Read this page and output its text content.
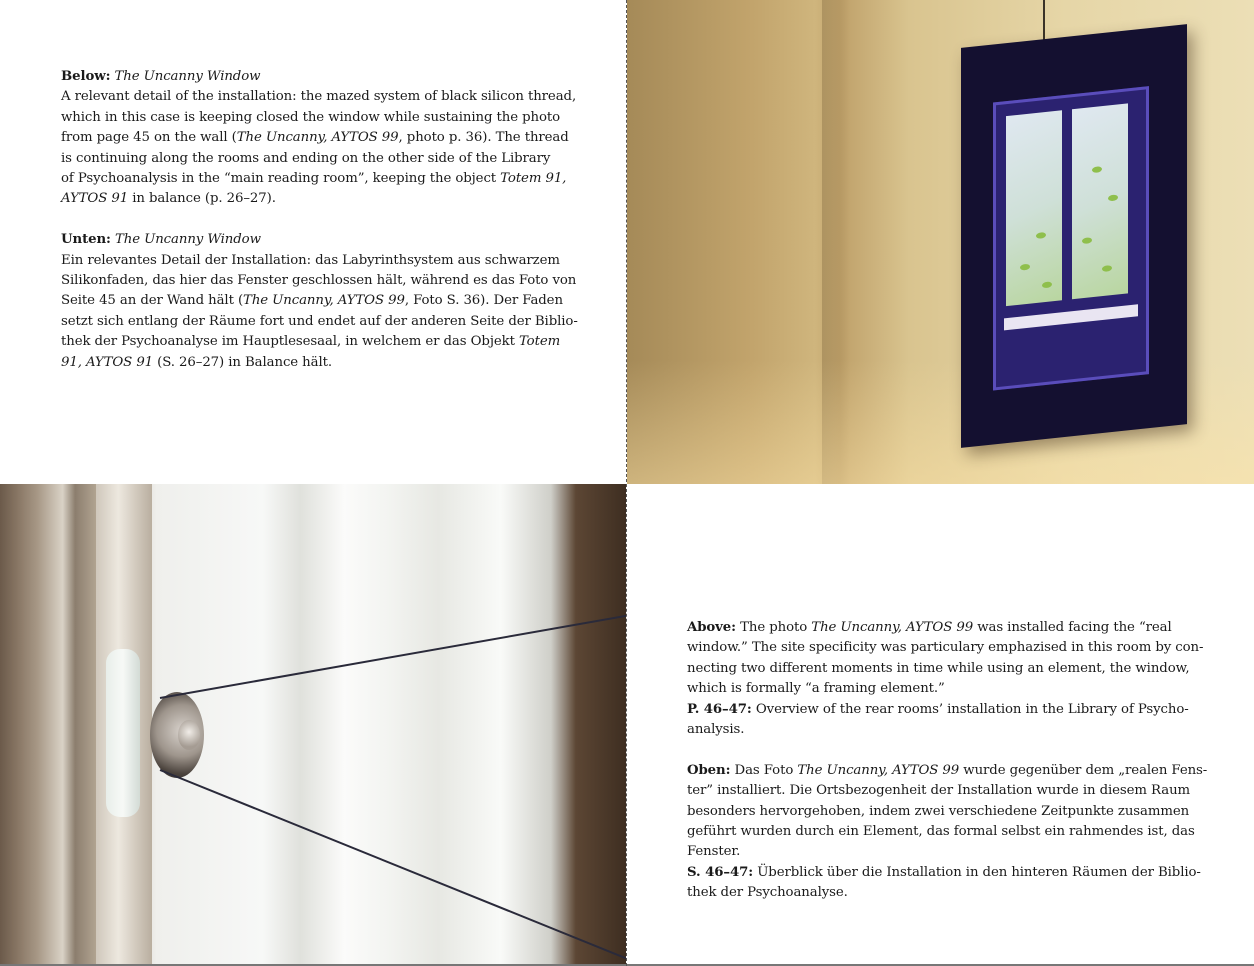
Below: The Uncanny Window
A relevant detail of the installation: the mazed system of black silicon thread,
which in this case is keeping closed the window while sustaining the photo
from page 45 on the wall (The Uncanny, AYTOS 99, photo p. 36). The thread
is continuing along the rooms and ending on the other side of the Library
of Psychoanalysis in the “main reading room”, keeping the object Totem 91,
AYTOS 91 in balance (p. 26–27).
Unten: The Uncanny Window
Ein relevantes Detail der Installation: das Labyrinthsystem aus schwarzem
Silikonfaden, das hier das Fenster geschlossen hält, während es das Foto von
Seite 45 an der Wand hält (The Uncanny, AYTOS 99, Foto S. 36). Der Faden
setzt sich entlang der Räume fort und endet auf der anderen Seite der Biblio-
thek der Psychoanalyse im Hauptlesesaal, in welchem er das Objekt Totem
91, AYTOS 91 (S. 26–27) in Balance hält.
Above: The photo The Uncanny, AYTOS 99 was installed facing the “real
window.” The site specificity was particulary emphazised in this room by con-
necting two different moments in time while using an element, the window,
which is formally “a framing element.”
P. 46–47: Overview of the rear rooms’ installation in the Library of Psycho-
analysis.
Oben: Das Foto The Uncanny, AYTOS 99 wurde gegenüber dem „realen Fens-
ter” installiert. Die Ortsbezogenheit der Installation wurde in diesem Raum
besonders hervorgehoben, indem zwei verschiedene Zeitpunkte zusammen
geführt wurden durch ein Element, das formal selbst ein rahmendes ist, das
Fenster.
S. 46–47: Überblick über die Installation in den hinteren Räumen der Biblio-
thek der Psychoanalyse.
